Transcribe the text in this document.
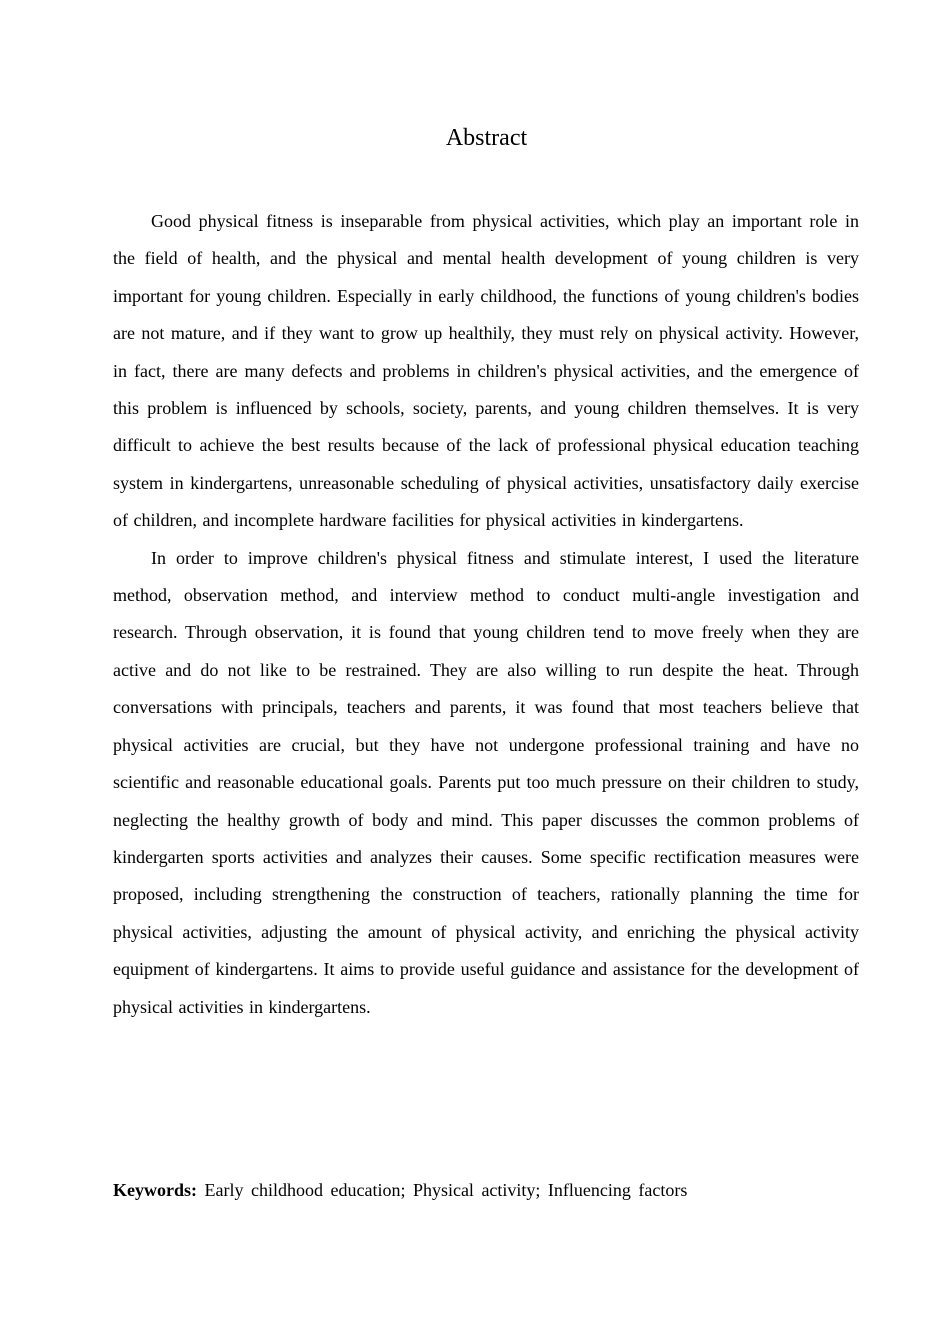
Abstract

Good physical fitness is inseparable from physical activities, which play an important role in the field of health, and the physical and mental health development of young children is very important for young children. Especially in early childhood, the functions of young children's bodies are not mature, and if they want to grow up healthily, they must rely on physical activity. However, in fact, there are many defects and problems in children's physical activities, and the emergence of this problem is influenced by schools, society, parents, and young children themselves. It is very difficult to achieve the best results because of the lack of professional physical education teaching system in kindergartens, unreasonable scheduling of physical activities, unsatisfactory daily exercise of children, and incomplete hardware facilities for physical activities in kindergartens.

In order to improve children's physical fitness and stimulate interest, I used the literature method, observation method, and interview method to conduct multi-angle investigation and research. Through observation, it is found that young children tend to move freely when they are active and do not like to be restrained. They are also willing to run despite the heat. Through conversations with principals, teachers and parents, it was found that most teachers believe that physical activities are crucial, but they have not undergone professional training and have no scientific and reasonable educational goals. Parents put too much pressure on their children to study, neglecting the healthy growth of body and mind. This paper discusses the common problems of kindergarten sports activities and analyzes their causes. Some specific rectification measures were proposed, including strengthening the construction of teachers, rationally planning the time for physical activities, adjusting the amount of physical activity, and enriching the physical activity equipment of kindergartens. It aims to provide useful guidance and assistance for the development of physical activities in kindergartens.

Keywords: Early childhood education; Physical activity; Influencing factors
